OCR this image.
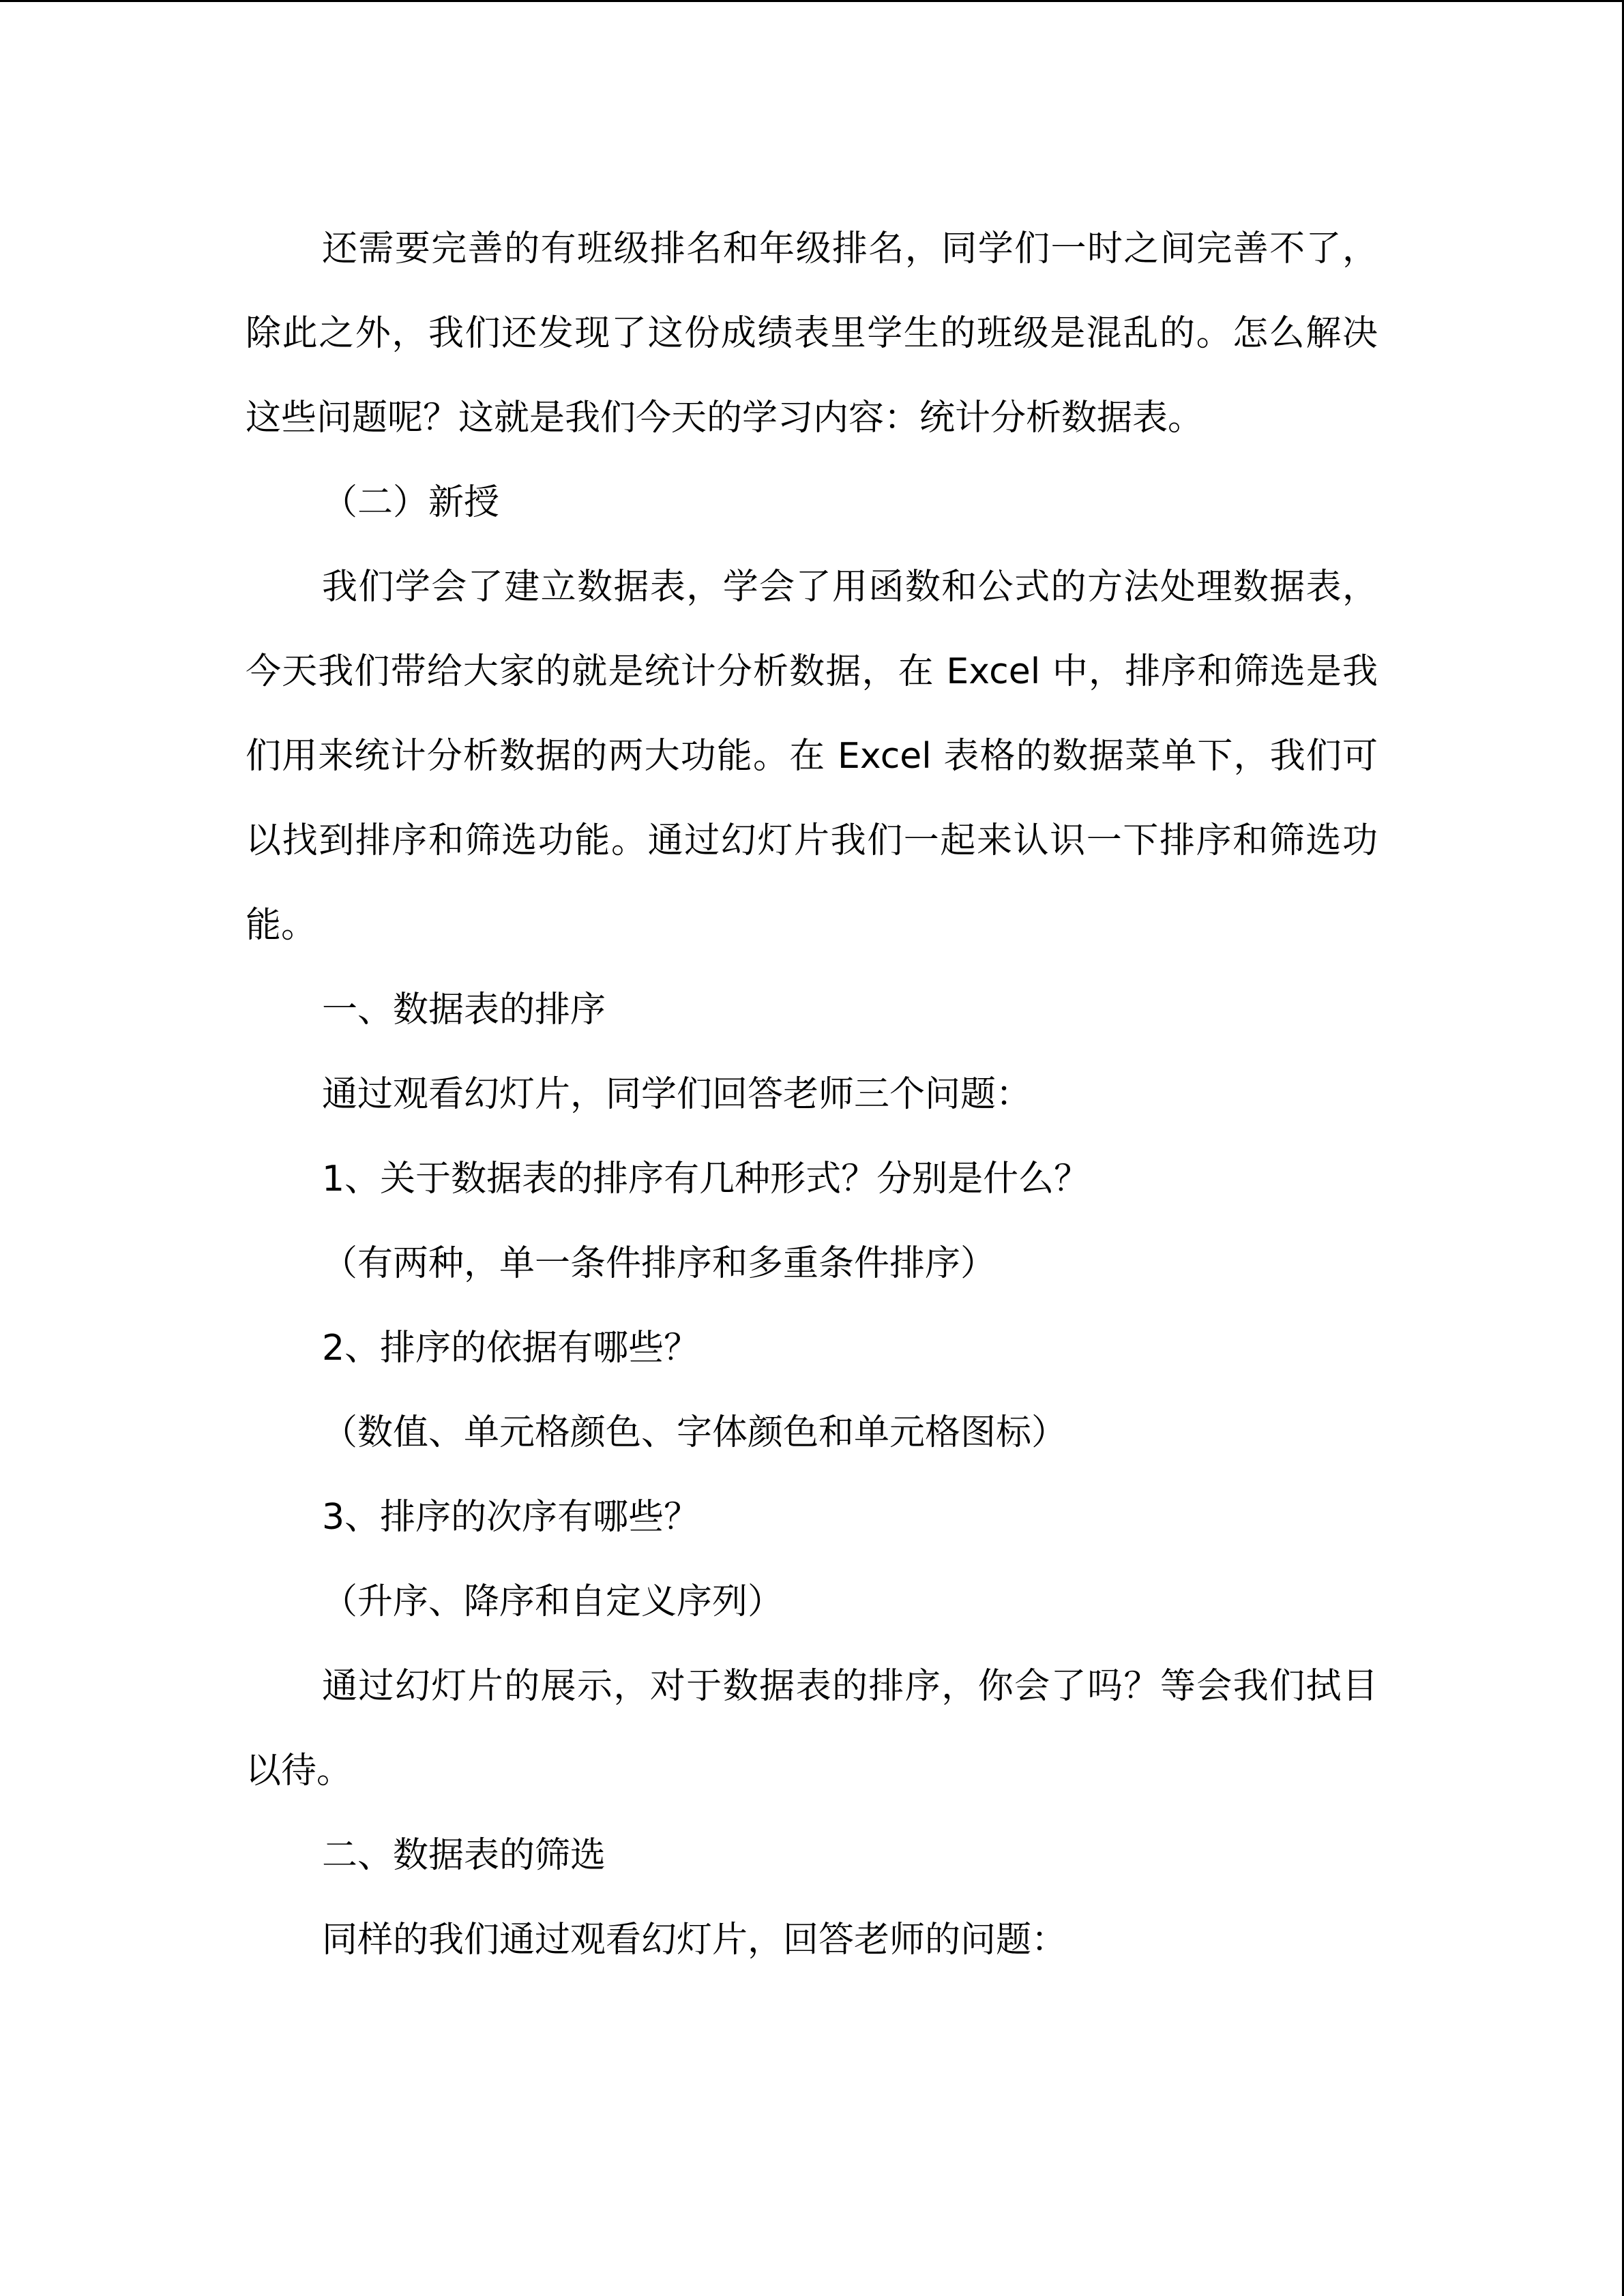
还需要完善的有班级排名和年级排名，同学们一时之间完善不了，除此之外，我们还发现了这份成绩表里学生的班级是混乱的。怎么解决这些问题呢？这就是我们今天的学习内容：统计分析数据表。

（二）新授

我们学会了建立数据表，学会了用函数和公式的方法处理数据表，今天我们带给大家的就是统计分析数据，在 Excel 中，排序和筛选是我们用来统计分析数据的两大功能。在 Excel 表格的数据菜单下，我们可以找到排序和筛选功能。通过幻灯片我们一起来认识一下排序和筛选功能。

一、数据表的排序

通过观看幻灯片，同学们回答老师三个问题：

1、关于数据表的排序有几种形式？分别是什么？

（有两种，单一条件排序和多重条件排序）

2、排序的依据有哪些？

（数值、单元格颜色、字体颜色和单元格图标）

3、排序的次序有哪些？

（升序、降序和自定义序列）

通过幻灯片的展示，对于数据表的排序，你会了吗？等会我们拭目以待。

二、数据表的筛选

同样的我们通过观看幻灯片，回答老师的问题：
